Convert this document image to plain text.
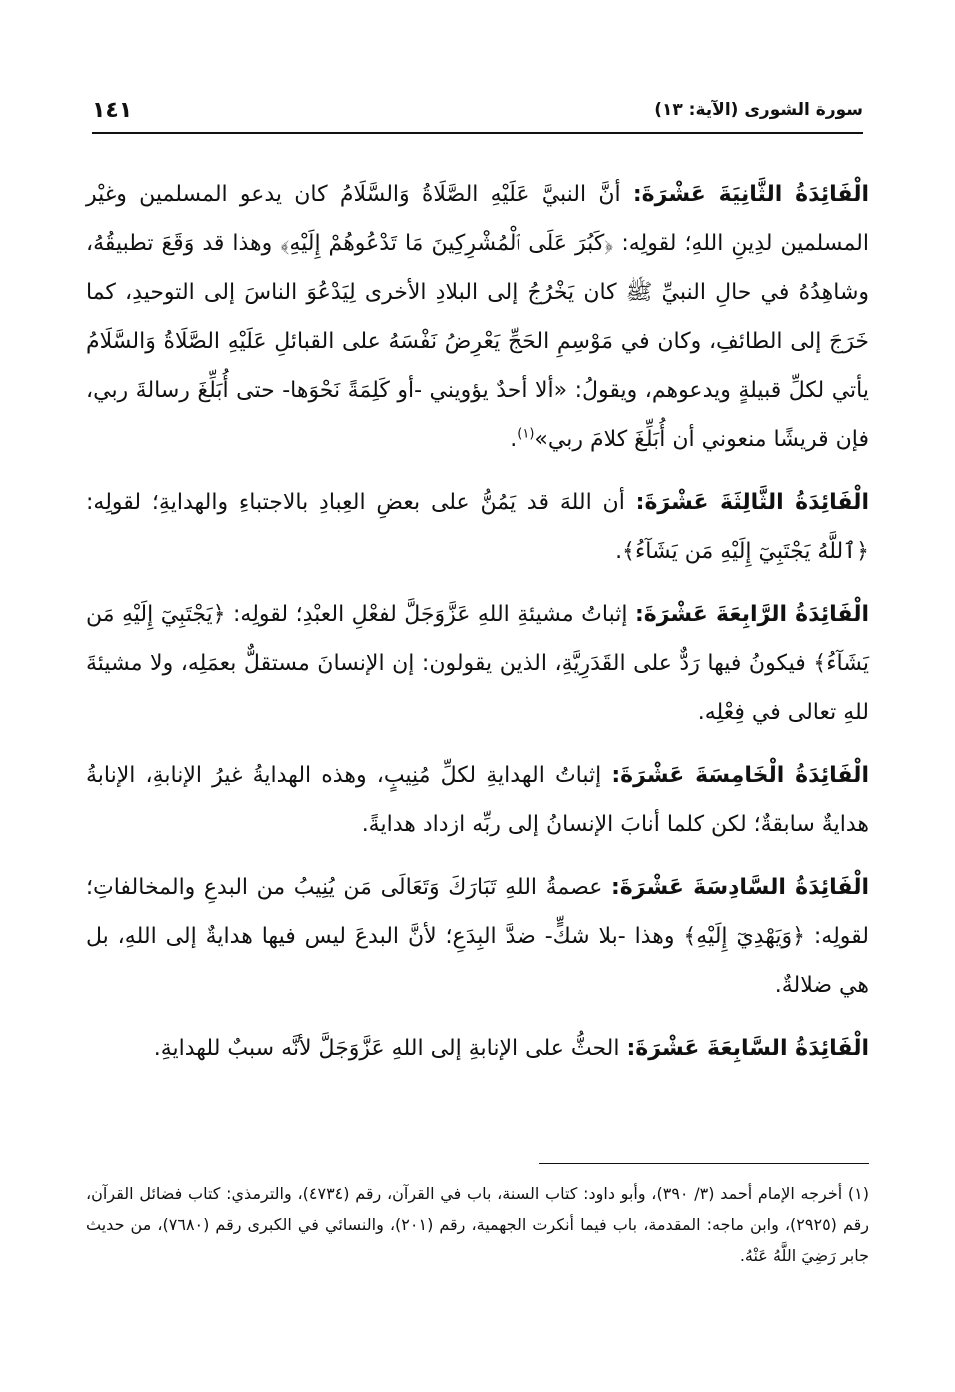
سورة الشورى (الآية: ١٣)
١٤١

الْفَائِدَةُ الثَّانِيَةَ عَشْرَةَ: أنَّ النبيَّ عَلَيْهِ الصَّلَاةُ وَالسَّلَامُ كان يدعو المسلمين وغيْر المسلمين لدِينِ اللهِ؛ لقولِه: ﴿كَبُرَ عَلَى ٱلْمُشْرِكِينَ مَا تَدْعُوهُمْ إِلَيْهِ﴾ وهذا قد وَقَعَ تطبيقُهُ، وشاهِدُهُ في حالِ النبيِّ ﷺ كان يَخْرُجُ إلى البلادِ الأخرى لِيَدْعُوَ الناسَ إلى التوحيدِ، كما خَرَجَ إلى الطائفِ، وكان في مَوْسِمِ الحَجِّ يَعْرِضُ نَفْسَهُ على القبائلِ عَلَيْهِ الصَّلَاةُ وَالسَّلَامُ يأتي لكلِّ قبيلةٍ ويدعوهم، ويقولُ: «ألا أحدٌ يؤويني -أو كَلِمَةً نَحْوَها- حتى أُبَلِّغَ رسالةَ ربي، فإن قريشًا منعوني أن أُبَلِّغَ كلامَ ربي»$^{(١)}$.

الْفَائِدَةُ الثَّالِثَةَ عَشْرَةَ: أن اللهَ قد يَمُنُّ على بعضِ العِبادِ بالاجتباءِ والهدايةِ؛ لقولِه: ﴿ٱللَّهُ يَجْتَبِيٓ إِلَيْهِ مَن يَشَآءُ﴾.

الْفَائِدَةُ الرَّابِعَةَ عَشْرَةَ: إثباتُ مشيئةِ اللهِ عَزَّوَجَلَّ لفعْلِ العبْدِ؛ لقولِه: ﴿يَجْتَبِيٓ إِلَيْهِ مَن يَشَآءُ﴾ فيكونُ فيها رَدٌّ على القَدَرِيَّةِ، الذين يقولون: إن الإنسانَ مستقلٌّ بعمَلِه، ولا مشيئةَ للهِ تعالى في فِعْلِه.

الْفَائِدَةُ الْخَامِسَةَ عَشْرَةَ: إثباتُ الهدايةِ لكلِّ مُنِيبٍ، وهذه الهدايةُ غيرُ الإنابةِ، الإنابةُ هدايةٌ سابقةٌ؛ لكن كلما أنابَ الإنسانُ إلى ربِّه ازداد هدايةً.

الْفَائِدَةُ السَّادِسَةَ عَشْرَةَ: عصمةُ اللهِ تَبَارَكَ وَتَعَالَى مَن يُنِيبُ من البدعِ والمخالفاتِ؛ لقولِه: ﴿وَيَهْدِيٓ إِلَيْهِ﴾ وهذا -بلا شكٍّ- ضدَّ البِدَعِ؛ لأنَّ البدعَ ليس فيها هدايةٌ إلى اللهِ، بل هي ضلالةٌ.

الْفَائِدَةُ السَّابِعَةَ عَشْرَةَ: الحثُّ على الإنابةِ إلى اللهِ عَزَّوَجَلَّ لأنَّه سببٌ للهدايةِ.

(١) أخرجه الإمام أحمد (٣/ ٣٩٠)، وأبو داود: كتاب السنة، باب في القرآن، رقم (٤٧٣٤)، والترمذي: كتاب فضائل القرآن، رقم (٢٩٢٥)، وابن ماجه: المقدمة، باب فيما أنكرت الجهمية، رقم (٢٠١)، والنسائي في الكبرى رقم (٧٦٨٠)، من حديث جابر رَضِيَ اللَّهُ عَنْهُ.
